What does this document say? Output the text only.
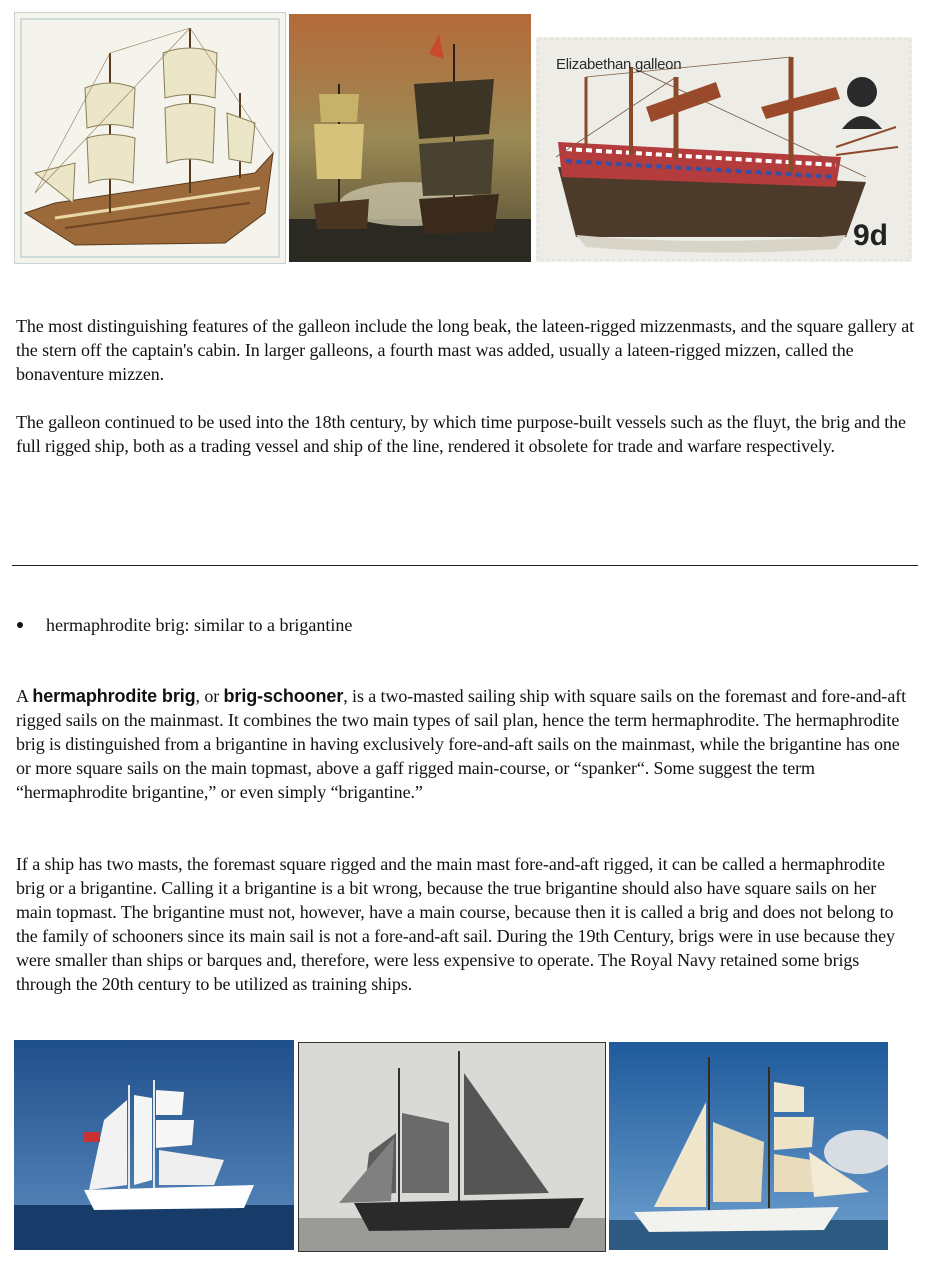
Elizabethan galleon
9d

The most distinguishing features of the galleon include the long beak, the lateen-rigged mizzenmasts, and the square gallery at the stern off the captain's cabin. In larger galleons, a fourth mast was added, usually a lateen-rigged mizzen, called the bonaventure mizzen.

The galleon continued to be used into the 18th century, by which time purpose-built vessels such as the fluyt, the brig and the full rigged ship, both as a trading vessel and ship of the line, rendered it obsolete for trade and warfare respectively.

hermaphrodite brig: similar to a brigantine

A hermaphrodite brig, or brig-schooner, is a two-masted sailing ship with square sails on the foremast and fore-and-aft rigged sails on the mainmast. It combines the two main types of sail plan, hence the term hermaphrodite. The hermaphrodite brig is distinguished from a brigantine in having exclusively fore-and-aft sails on the mainmast, while the brigantine has one or more square sails on the main topmast, above a gaff rigged main-course, or “spanker“. Some suggest the term “hermaphrodite brigantine,” or even simply “brigantine.”

If a ship has two masts, the foremast square rigged and the main mast fore-and-aft rigged, it can be called a hermaphrodite brig or a brigantine. Calling it a brigantine is a bit wrong, because the true brigantine should also have square sails on her main topmast. The brigantine must not, however, have a main course, because then it is called a brig and does not belong to the family of schooners since its main sail is not a fore-and-aft sail. During the 19th Century, brigs were in use because they were smaller than ships or barques and, therefore, were less expensive to operate. The Royal Navy retained some brigs through the 20th century to be utilized as training ships.
